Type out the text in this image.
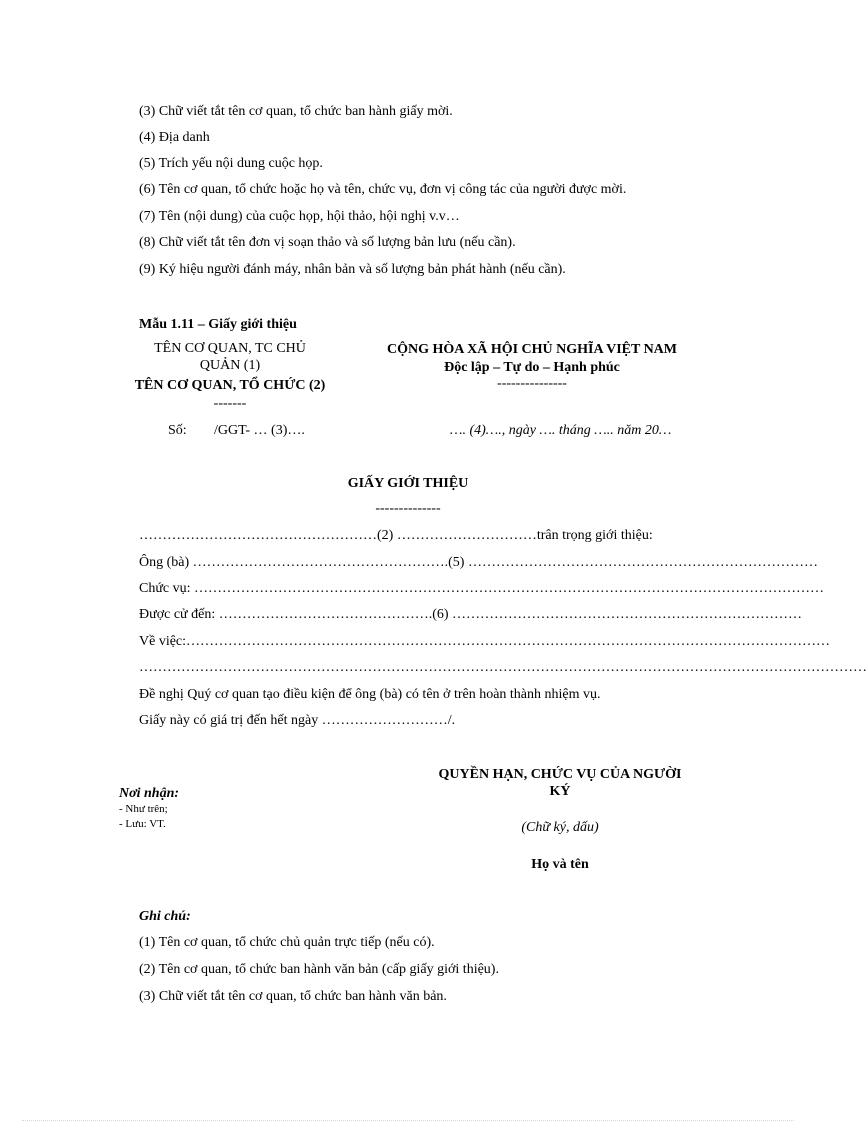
(3) Chữ viết tắt tên cơ quan, tổ chức ban hành giấy mời.
(4) Địa danh
(5) Trích yếu nội dung cuộc họp.
(6) Tên cơ quan, tổ chức hoặc họ và tên, chức vụ, đơn vị công tác của người được mời.
(7) Tên (nội dung) của cuộc họp, hội thảo, hội nghị v.v…
(8) Chữ viết tắt tên đơn vị soạn thảo và số lượng bản lưu (nếu cần).
(9) Ký hiệu người đánh máy, nhân bản và số lượng bản phát hành (nếu cần).
Mẫu 1.11 – Giấy giới thiệu
TÊN CƠ QUAN, TC CHỦ
QUẢN (1)
TÊN CƠ QUAN, TỔ CHỨC (2)
-------
Số: /GGT- … (3)….
CỘNG HÒA XÃ HỘI CHỦ NGHĨA VIỆT NAM
Độc lập – Tự do – Hạnh phúc
---------------
…. (4)…., ngày …. tháng ….. năm 20…
GIẤY GIỚI THIỆU
--------------
……………………………………………(2) …………………………trân trọng giới thiệu:
Ông (bà) ……………………………………………….(5) …………………………………………………………………
Chức vụ: ………………………………………………………………………………………………………………………
Được cử đến: ……………………………………….(6) …………………………………………………………………
Về việc:…………………………………………………………………………………………………………………………
…………………………………………………………………………………………………………………………………………
Đề nghị Quý cơ quan tạo điều kiện để ông (bà) có tên ở trên hoàn thành nhiệm vụ.
Giấy này có giá trị đến hết ngày ………………………/.
Nơi nhận:
- Như trên;
- Lưu: VT.
QUYỀN HẠN, CHỨC VỤ CỦA NGƯỜI
KÝ
(Chữ ký, dấu)
Họ và tên
Ghi chú:
(1) Tên cơ quan, tổ chức chủ quản trực tiếp (nếu có).
(2) Tên cơ quan, tổ chức ban hành văn bản (cấp giấy giới thiệu).
(3) Chữ viết tắt tên cơ quan, tổ chức ban hành văn bản.
